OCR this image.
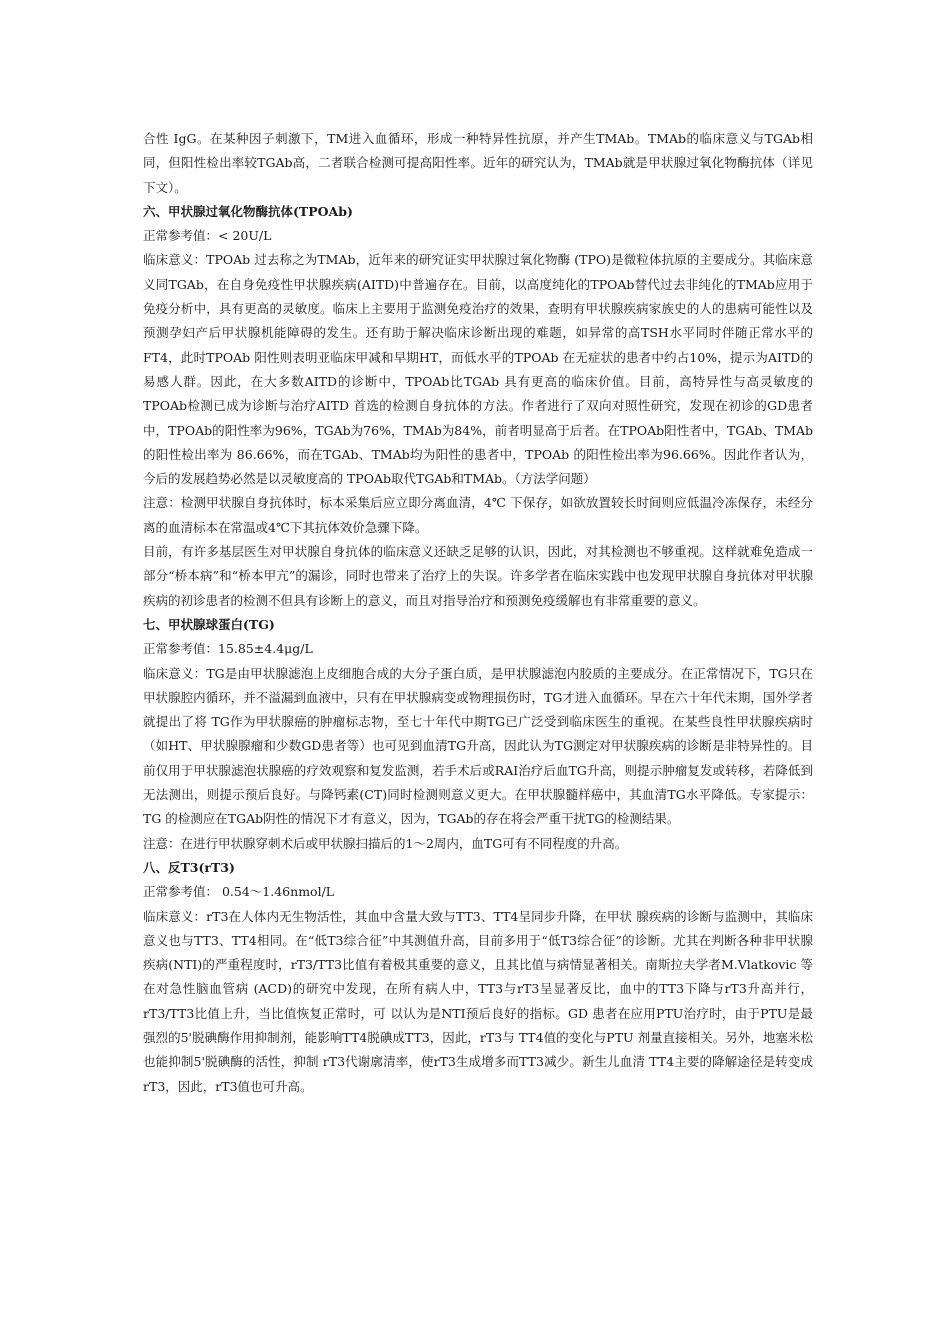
合性 IgG。在某种因子刺激下，TM进入血循环，形成一种特异性抗原，并产生TMAb。TMAb的临床意义与TGAb相同，但阳性检出率较TGAb高，二者联合检测可提高阳性率。近年的研究认为，TMAb就是甲状腺过氧化物酶抗体（详见下文）。

六、甲状腺过氧化物酶抗体(TPOAb)

正常参考值：< 20U/L

临床意义：TPOAb 过去称之为TMAb，近年来的研究证实甲状腺过氧化物酶 (TPO)是微粒体抗原的主要成分。其临床意义同TGAb，在自身免疫性甲状腺疾病(AITD)中普遍存在。目前，以高度纯化的TPOAb替代过去非纯化的TMAb应用于免疫分析中，具有更高的灵敏度。临床上主要用于监测免疫治疗的效果，查明有甲状腺疾病家族史的人的患病可能性以及预测孕妇产后甲状腺机能障碍的发生。还有助于解决临床诊断出现的难题，如异常的高TSH水平同时伴随正常水平的FT4，此时TPOAb 阳性则表明亚临床甲减和早期HT，而低水平的TPOAb 在无症状的患者中约占10%，提示为AITD的易感人群。因此，在大多数AITD的诊断中，TPOAb比TGAb 具有更高的临床价值。目前，高特异性与高灵敏度的TPOAb检测已成为诊断与治疗AITD 首选的检测自身抗体的方法。作者进行了双向对照性研究，发现在初诊的GD患者中，TPOAb的阳性率为96%，TGAb为76%，TMAb为84%，前者明显高于后者。在TPOAb阳性者中，TGAb、TMAb 的阳性检出率为 86.66%，而在TGAb、TMAb均为阳性的患者中，TPOAb 的阳性检出率为96.66%。因此作者认为，今后的发展趋势必然是以灵敏度高的 TPOAb取代TGAb和TMAb。（方法学问题）

注意：检测甲状腺自身抗体时，标本采集后应立即分离血清，4℃ 下保存，如欲放置较长时间则应低温冷冻保存，未经分离的血清标本在常温或4℃下其抗体效价急骤下降。

目前，有许多基层医生对甲状腺自身抗体的临床意义还缺乏足够的认识，因此，对其检测也不够重视。这样就难免造成一部分“桥本病”和“桥本甲亢”的漏诊，同时也带来了治疗上的失误。许多学者在临床实践中也发现甲状腺自身抗体对甲状腺疾病的初诊患者的检测不但具有诊断上的意义，而且对指导治疗和预测免疫缓解也有非常重要的意义。

七、甲状腺球蛋白(TG)

正常参考值：15.85±4.4μg/L

临床意义：TG是由甲状腺滤泡上皮细胞合成的大分子蛋白质，是甲状腺滤泡内胶质的主要成分。在正常情况下，TG只在甲状腺腔内循环，并不溢漏到血液中，只有在甲状腺病变或物理损伤时，TG才进入血循环。早在六十年代末期，国外学者就提出了将 TG作为甲状腺癌的肿瘤标志物，至七十年代中期TG已广泛受到临床医生的重视。在某些良性甲状腺疾病时（如HT、甲状腺腺瘤和少数GD患者等）也可见到血清TG升高，因此认为TG测定对甲状腺疾病的诊断是非特异性的。目前仅用于甲状腺滤泡状腺癌的疗效观察和复发监测，若手术后或RAI治疗后血TG升高，则提示肿瘤复发或转移，若降低到无法测出，则提示预后良好。与降钙素(CT)同时检测则意义更大。在甲状腺髓样癌中，其血清TG水平降低。专家提示：TG 的检测应在TGAb阴性的情况下才有意义，因为，TGAb的存在将会严重干扰TG的检测结果。

注意：在进行甲状腺穿刺术后或甲状腺扫描后的1～2周内，血TG可有不同程度的升高。

八、反T3(rT3)

正常参考值： 0.54～1.46nmol/L

临床意义：rT3在人体内无生物活性，其血中含量大致与TT3、TT4呈同步升降，在甲状 腺疾病的诊断与监测中，其临床意义也与TT3、TT4相同。在“低T3综合征”中其测值升高，目前多用于“低T3综合征”的诊断。尤其在判断各种非甲状腺 疾病(NTI)的严重程度时，rT3/TT3比值有着极其重要的意义，且其比值与病情显著相关。南斯拉夫学者M.Vlatkovic 等在对急性脑血管病 (ACD)的研究中发现，在所有病人中，TT3与rT3呈显著反比，血中的TT3下降与rT3升高并行，rT3/TT3比值上升，当比值恢复正常时，可 以认为是NTI预后良好的指标。GD 患者在应用PTU治疗时，由于PTU是最强烈的5'脱碘酶作用抑制剂，能影响TT4脱碘成TT3，因此，rT3与 TT4值的变化与PTU 剂量直接相关。另外，地塞米松也能抑制5'脱碘酶的活性，抑制 rT3代谢廓清率，使rT3生成增多而TT3减少。新生儿血清 TT4主要的降解途径是转变成rT3，因此，rT3值也可升高。
